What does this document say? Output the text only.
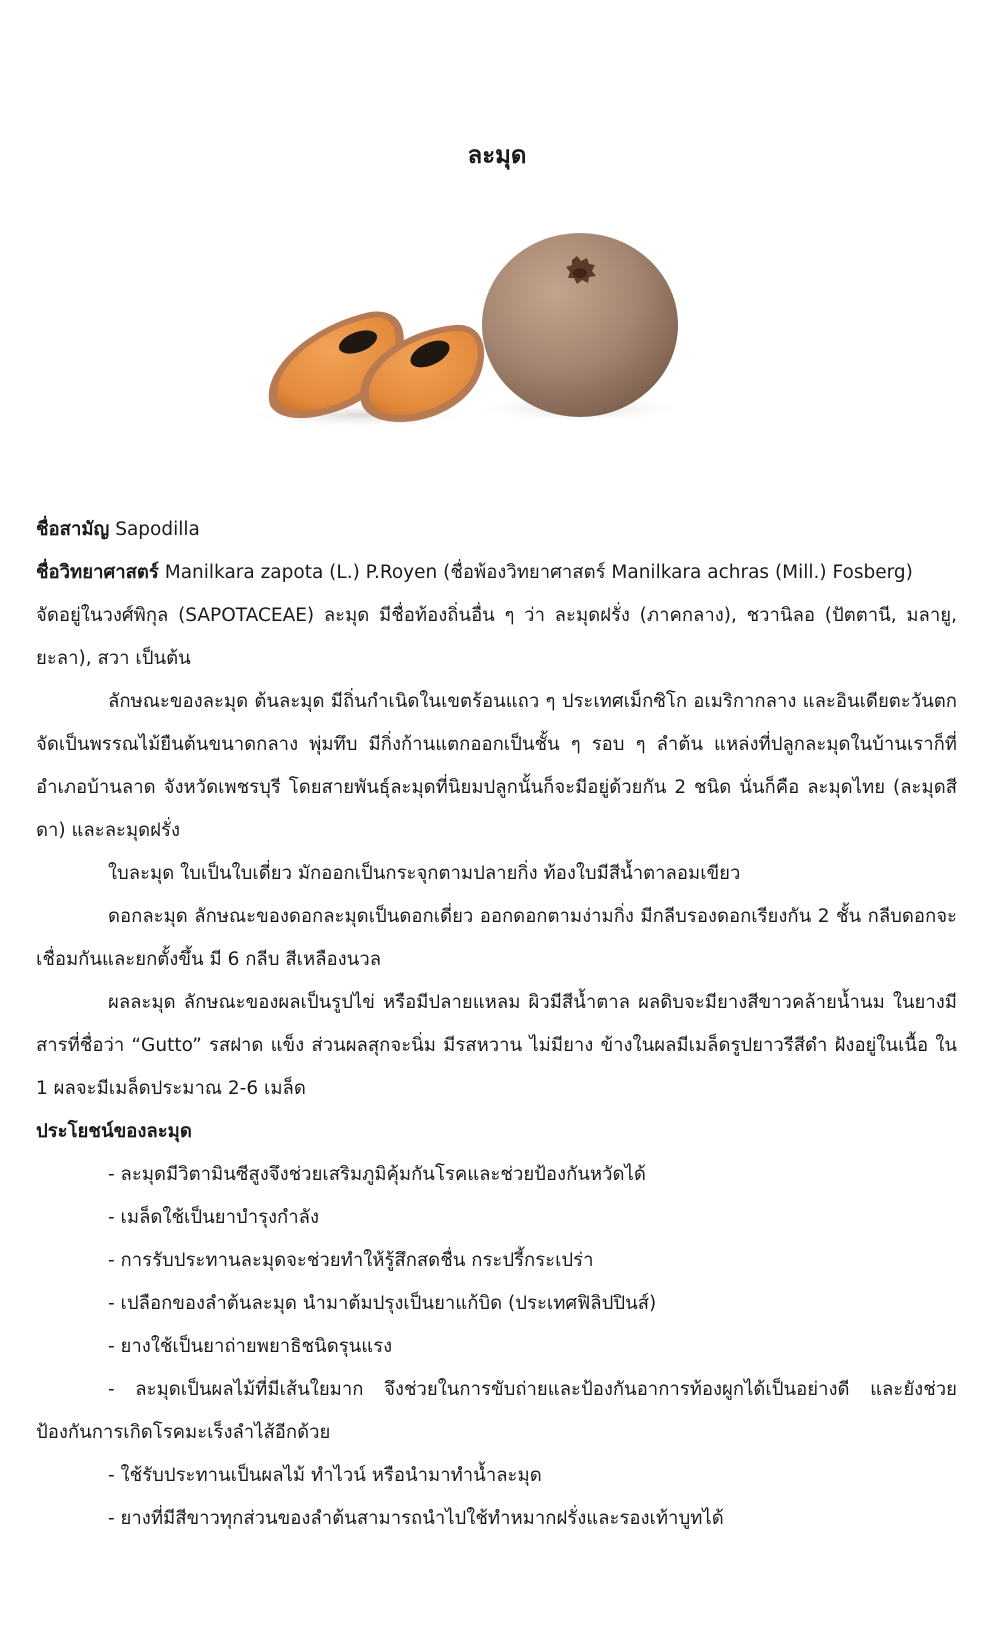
ละมุด

ชื่อสามัญ Sapodilla

ชื่อวิทยาศาสตร์ Manilkara zapota (L.) P.Royen (ชื่อพ้องวิทยาศาสตร์ Manilkara achras (Mill.) Fosberg)

จัดอยู่ในวงศ์พิกุล (SAPOTACEAE) ละมุด มีชื่อท้องถิ่นอื่น ๆ ว่า ละมุดฝรั่ง (ภาคกลาง), ชวานิลอ (ปัตตานี, มลายู, ยะลา), สวา เป็นต้น

ลักษณะของละมุด ต้นละมุด มีถิ่นกำเนิดในเขตร้อนแถว ๆ ประเทศเม็กซิโก อเมริกากลาง และอินเดียตะวันตก จัดเป็นพรรณไม้ยืนต้นขนาดกลาง พุ่มทึบ มีกิ่งก้านแตกออกเป็นชั้น ๆ รอบ ๆ ลำต้น แหล่งที่ปลูกละมุดในบ้านเราก็ที่อำเภอบ้านลาด จังหวัดเพชรบุรี โดยสายพันธุ์ละมุดที่นิยมปลูกนั้นก็จะมีอยู่ด้วยกัน 2 ชนิด นั่นก็คือ ละมุดไทย (ละมุดสีดา) และละมุดฝรั่ง

ใบละมุด ใบเป็นใบเดี่ยว มักออกเป็นกระจุกตามปลายกิ่ง ท้องใบมีสีน้ำตาลอมเขียว

ดอกละมุด ลักษณะของดอกละมุดเป็นดอกเดี่ยว ออกดอกตามง่ามกิ่ง มีกลีบรองดอกเรียงกัน 2 ชั้น กลีบดอกจะเชื่อมกันและยกตั้งขึ้น มี 6 กลีบ สีเหลืองนวล

ผลละมุด ลักษณะของผลเป็นรูปไข่ หรือมีปลายแหลม ผิวมีสีน้ำตาล ผลดิบจะมียางสีขาวคล้ายน้ำนม ในยางมีสารที่ชื่อว่า “Gutto” รสฝาด แข็ง ส่วนผลสุกจะนิ่ม มีรสหวาน ไม่มียาง ข้างในผลมีเมล็ดรูปยาวรีสีดำ ฝังอยู่ในเนื้อ ใน 1 ผลจะมีเมล็ดประมาณ 2-6 เมล็ด

ประโยชน์ของละมุด

- ละมุดมีวิตามินซีสูงจึงช่วยเสริมภูมิคุ้มกันโรคและช่วยป้องกันหวัดได้

- เมล็ดใช้เป็นยาบำรุงกำลัง

- การรับประทานละมุดจะช่วยทำให้รู้สึกสดชื่น กระปรี้กระเปร่า

- เปลือกของลำต้นละมุด นำมาต้มปรุงเป็นยาแก้บิด (ประเทศฟิลิปปินส์)

- ยางใช้เป็นยาถ่ายพยาธิชนิดรุนแรง

- ละมุดเป็นผลไม้ที่มีเส้นใยมาก จึงช่วยในการขับถ่ายและป้องกันอาการท้องผูกได้เป็นอย่างดี และยังช่วยป้องกันการเกิดโรคมะเร็งลำไส้อีกด้วย

- ใช้รับประทานเป็นผลไม้ ทำไวน์ หรือนำมาทำน้ำละมุด

- ยางที่มีสีขาวทุกส่วนของลำต้นสามารถนำไปใช้ทำหมากฝรั่งและรองเท้าบูทได้
